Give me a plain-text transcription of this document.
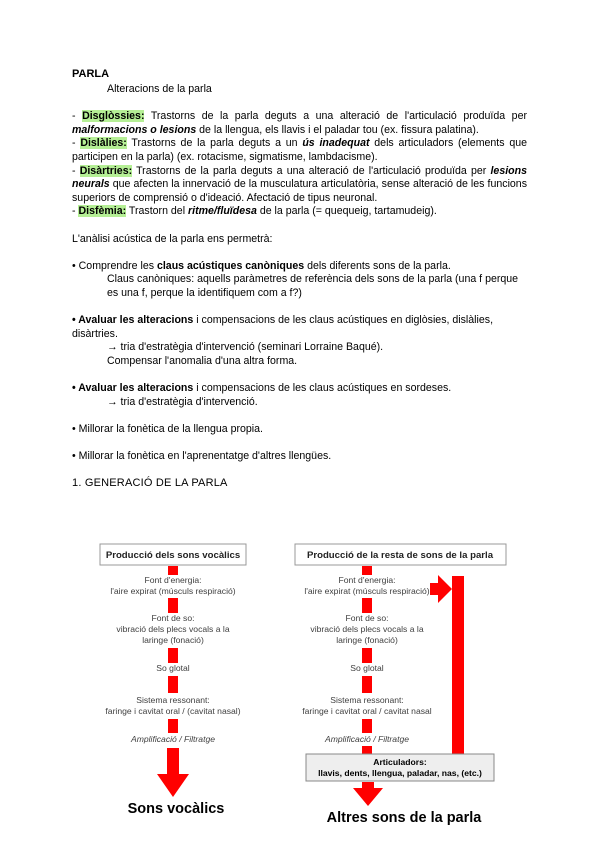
PARLA

Alteracions de la parla

- Disglòssies: Trastorns de la parla deguts a una alteració de l'articulació produïda per malformacions o lesions de la llengua, els llavis i el paladar tou (ex. fissura palatina).

- Dislàlies: Trastorns de la parla deguts a un ús inadequat dels articuladors (elements que participen en la parla) (ex. rotacisme, sigmatisme, lambdacisme).

- Disàrtries: Trastorns de la parla deguts a una alteració de l'articulació produïda per lesions neurals que afecten la innervació de la musculatura articulatòria, sense alteració de les funcions superiors de comprensió o d'ideació. Afectació de tipus neuronal.

- Disfèmia: Trastorn del ritme/fluïdesa de la parla (= quequeig, tartamudeig).

L'anàlisi acústica de la parla ens permetrà:

• Comprendre les claus acústiques canòniques dels diferents sons de la parla.

Claus canòniques: aquells paràmetres de referència dels sons de la parla (una f perque es una f, perque la identifiquem com a f?)

• Avaluar les alteracions i compensacions de les claus acústiques en diglòsies, dislàlies, disàrtries.

→ tria d'estratègia d'intervenció (seminari Lorraine Baqué).

Compensar l'anomalia d'una altra forma.

• Avaluar les alteracions i compensacions de les claus acústiques en sordeses.

→ tria d'estratègia d'intervenció.

• Millorar la fonètica de la llengua propia.

• Millorar la fonètica en l'aprenentatge d'altres llengües.

1. GENERACIÓ DE LA PARLA

Producció dels sons vocàlics
Font d'energia:
l'aire expirat (músculs respiració)
Font de so:
vibració dels plecs vocals a la
laringe (fonació)
So glotal
Sistema ressonant:
faringe i cavitat oral / (cavitat nasal)
Amplificació / Filtratge
Sons vocàlics
Producció de la resta de sons de la parla
Font d'energia:
l'aire expirat (músculs respiració)
Font de so:
vibració dels plecs vocals a la
laringe (fonació)
So glotal
Sistema ressonant:
faringe i cavitat oral / cavitat nasal
Amplificació / Filtratge
Articuladors:
llavis, dents, llengua, paladar, nas, (etc.)
Altres sons de la parla
